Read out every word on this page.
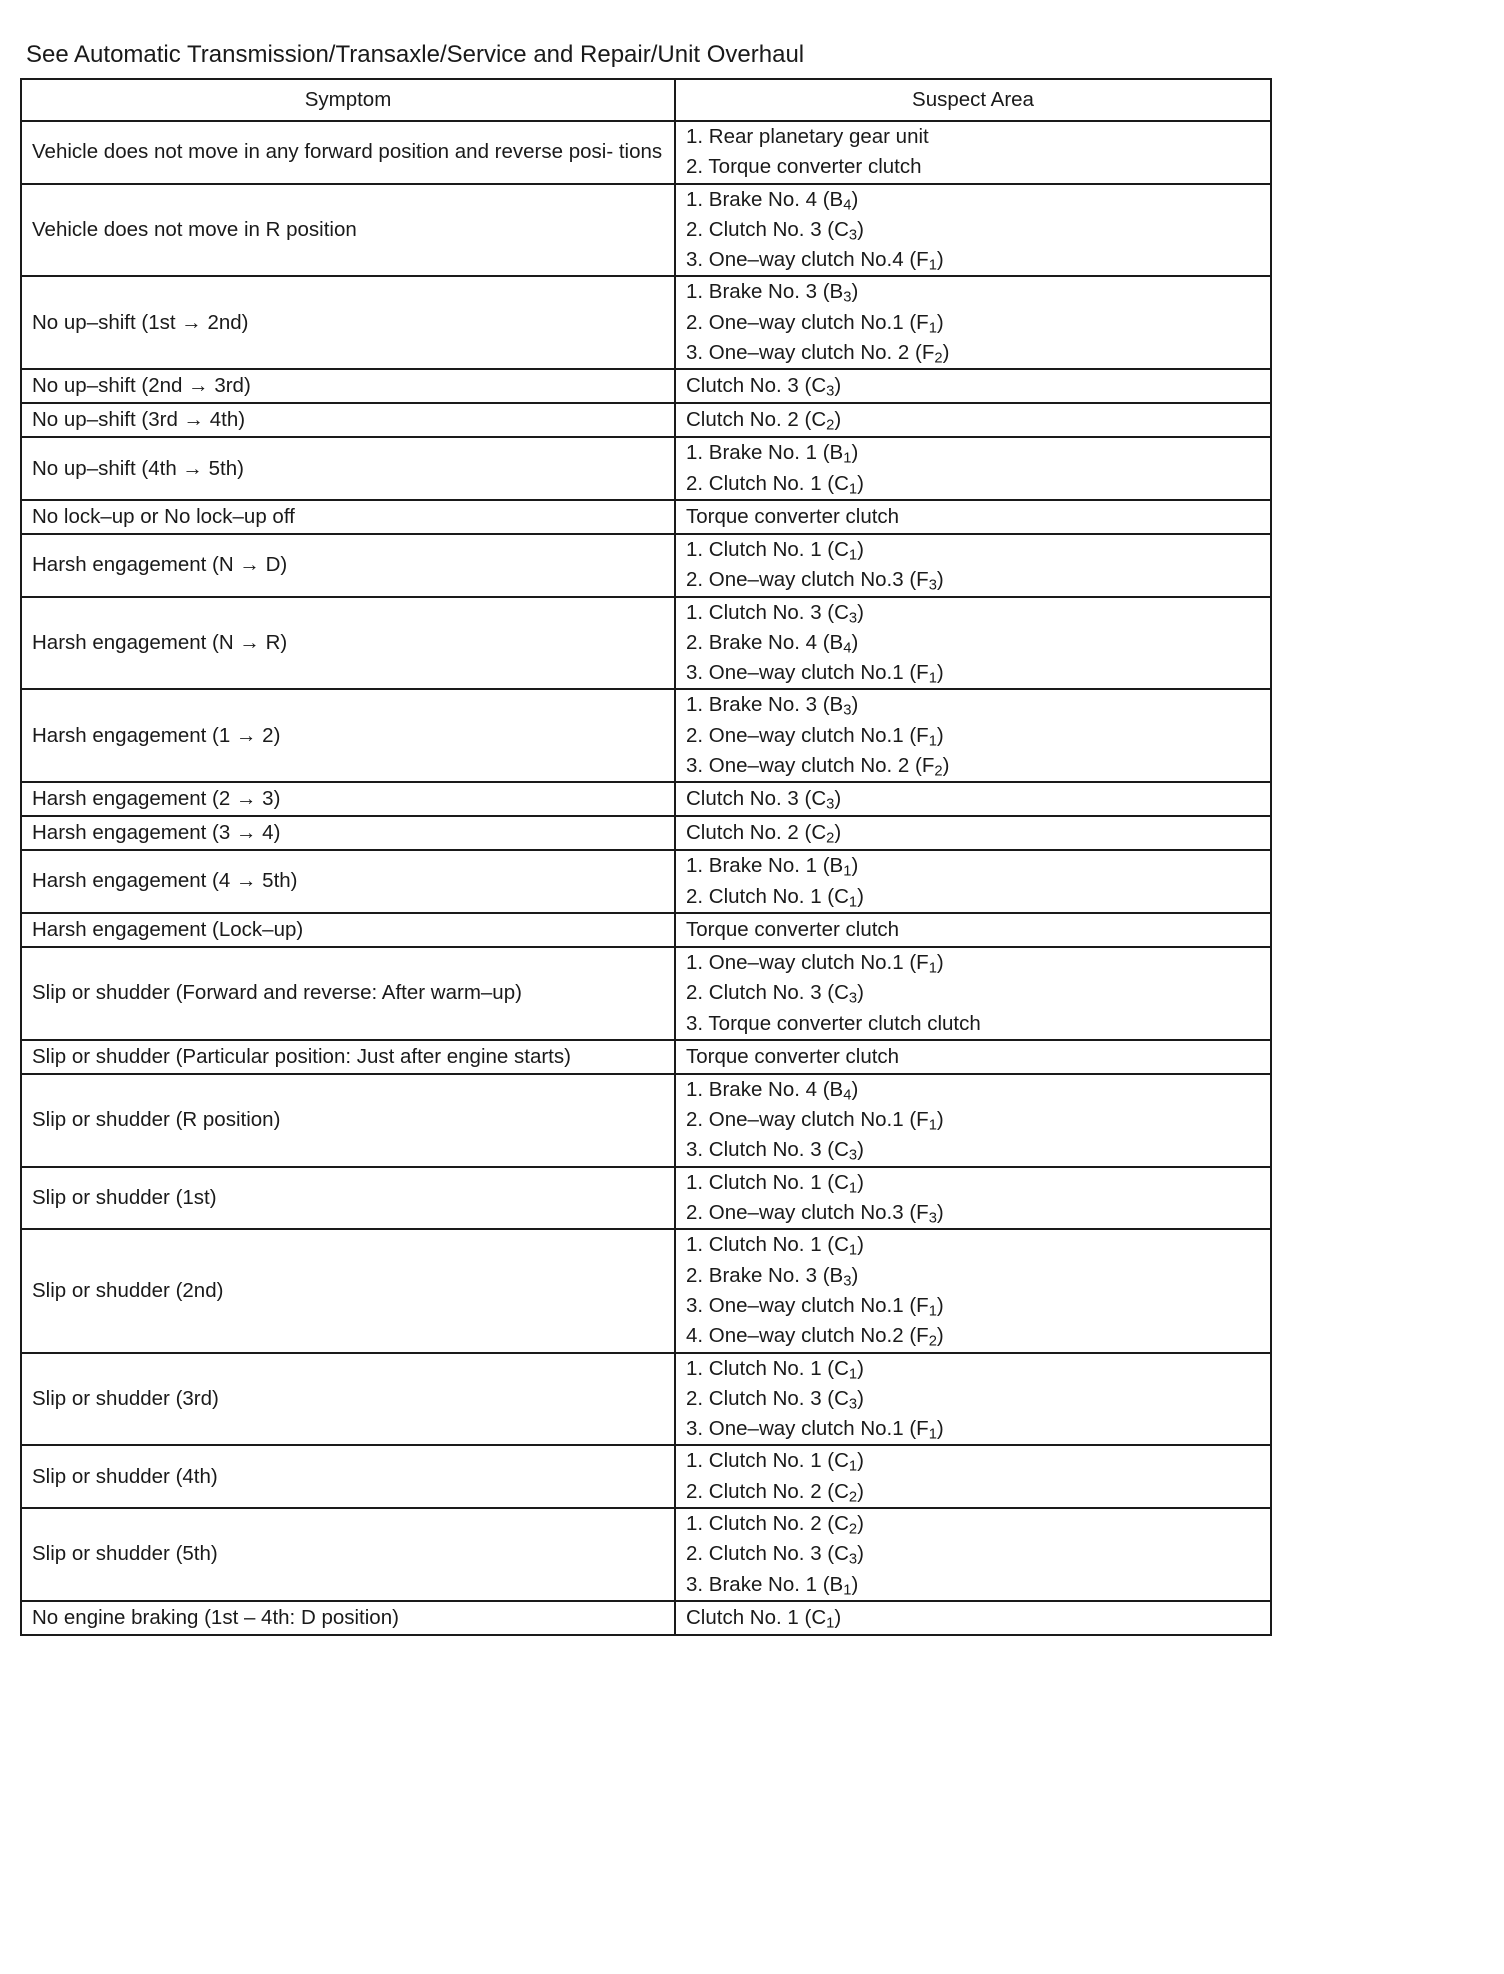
See Automatic Transmission/Transaxle/Service and Repair/Unit Overhaul
Symptom	Suspect Area
Vehicle does not move in any forward position and reverse posi- tions	1. Rear planetary gear unit
2. Torque converter clutch

Vehicle does not move in R position	1. Brake No. 4 $(B_4)$
2. Clutch No. 3 $(C_3)$
3. One–way clutch No.4 $(F_1)$

No up–shift (1st → 2nd)	1. Brake No. 3 $(B_3)$
2. One–way clutch No.1 $(F_1)$
3. One–way clutch No. 2 $(F_2)$

No up–shift (2nd → 3rd)	Clutch No. 3 $(C_3)$

No up–shift (3rd → 4th)	Clutch No. 2 $(C_2)$

No up–shift (4th → 5th)	1. Brake No. 1 $(B_1)$
2. Clutch No. 1 $(C_1)$

No lock–up or No lock–up off	Torque converter clutch

Harsh engagement (N → D)	1. Clutch No. 1 $(C_1)$
2. One–way clutch No.3 $(F_3)$

Harsh engagement (N → R)	1. Clutch No. 3 $(C_3)$
2. Brake No. 4 $(B_4)$
3. One–way clutch No.1 $(F_1)$

Harsh engagement (1 → 2)	1. Brake No. 3 $(B_3)$
2. One–way clutch No.1 $(F_1)$
3. One–way clutch No. 2 $(F_2)$

Harsh engagement (2 → 3)	Clutch No. 3 $(C_3)$

Harsh engagement (3 → 4)	Clutch No. 2 $(C_2)$

Harsh engagement (4 → 5th)	1. Brake No. 1 $(B_1)$
2. Clutch No. 1 $(C_1)$

Harsh engagement (Lock–up)	Torque converter clutch

Slip or shudder (Forward and reverse: After warm–up)	1. One–way clutch No.1 $(F_1)$
2. Clutch No. 3 $(C_3)$
3. Torque converter clutch clutch

Slip or shudder (Particular position: Just after engine starts)	Torque converter clutch

Slip or shudder (R position)	1. Brake No. 4 $(B_4)$
2. One–way clutch No.1 $(F_1)$
3. Clutch No. 3 $(C_3)$

Slip or shudder (1st)	1. Clutch No. 1 $(C_1)$
2. One–way clutch No.3 $(F_3)$

Slip or shudder (2nd)	1. Clutch No. 1 $(C_1)$
2. Brake No. 3 $(B_3)$
3. One–way clutch No.1 $(F_1)$
4. One–way clutch No.2 $(F_2)$

Slip or shudder (3rd)	1. Clutch No. 1 $(C_1)$
2. Clutch No. 3 $(C_3)$
3. One–way clutch No.1 $(F_1)$

Slip or shudder (4th)	1. Clutch No. 1 $(C_1)$
2. Clutch No. 2 $(C_2)$

Slip or shudder (5th)	1. Clutch No. 2 $(C_2)$
2. Clutch No. 3 $(C_3)$
3. Brake No. 1 $(B_1)$

No engine braking (1st – 4th: D position)	Clutch No. 1 $(C_1)$
